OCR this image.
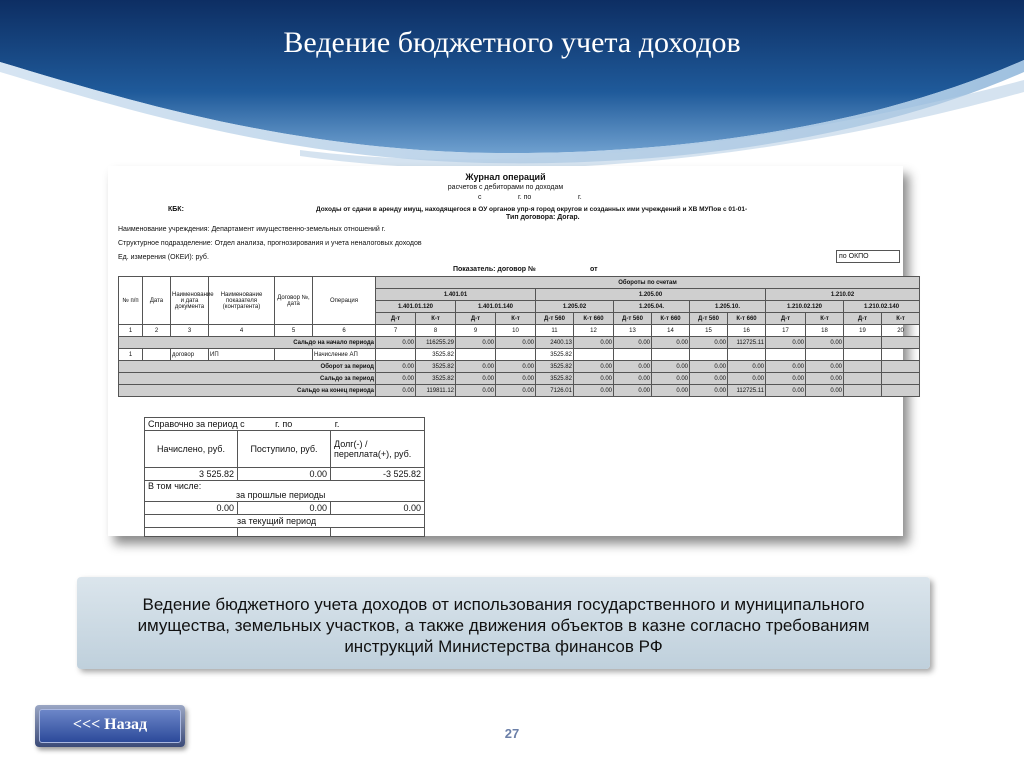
Ведение бюджетного учета доходов
Журнал операций
расчетов с дебиторами по доходам
с	г. по	г.
КБК:	Доходы от сдачи в аренду имущ, находящегося в ОУ органов упр-я город округов и созданных ими учреждений и ХВ МУПов с 01-01-
Тип договора: Догар.
Наименование учреждения: Департамент имущественно-земельных отношений г.
Структурное подразделение: Отдел анализа, прогнозирования и учета неналоговых доходов
Ед. измерения (ОКЕИ): руб.	по ОКПО
Показатель: договор №	от
№ п/п	Дата	Наименование и дата документа	Наименование показателя (контрагента)	Договор №, дата	Операция	Обороты по счетам													
						1.401.01				1.205.00						1.210.02			
						1.401.01.120		1.401.01.140		1.205.02		1.205.04.		1.205.10.		1.210.02.120		1.210.02.140	
						Д-т	К-т	Д-т	К-т	Д-т 560	К-т 660	Д-т 560	К-т 660	Д-т 560	К-т 660	Д-т	К-т	Д-т	К-т
1	2	3	4	5	6	7	8	9	10	11	12	13	14	15	16	17	18	19	20
Сальдо на начало периода						0.00	116255.29	0.00	0.00	2400.13	0.00	0.00	0.00	0.00	112725.11	0.00	0.00		
1		договор	ИП		Начисление АП		3525.82			3525.82									
Оборот за период						0.00	3525.82	0.00	0.00	3525.82	0.00	0.00	0.00	0.00	0.00	0.00	0.00		
Сальдо за период						0.00	3525.82	0.00	0.00	3525.82	0.00	0.00	0.00	0.00	0.00	0.00	0.00		
Сальдо на конец периода						0.00	119811.12	0.00	0.00	7126.01	0.00	0.00	0.00	0.00	112725.11	0.00	0.00		
Справочно за период с г. по г.		
Начислено, руб.	Поступило, руб.	Долг(-) /переплата(+), руб.
3 525.82	0.00	-3 525.82

В том числе:
за прошлые периоды		

0.00	0.00	0.00
за текущий период		

Ведение бюджетного учета доходов от использования государственного и муниципального имущества, земельных участков, а также движения объектов в казне согласно требованиям инструкций Министерства финансов РФ

<<< Назад
27
